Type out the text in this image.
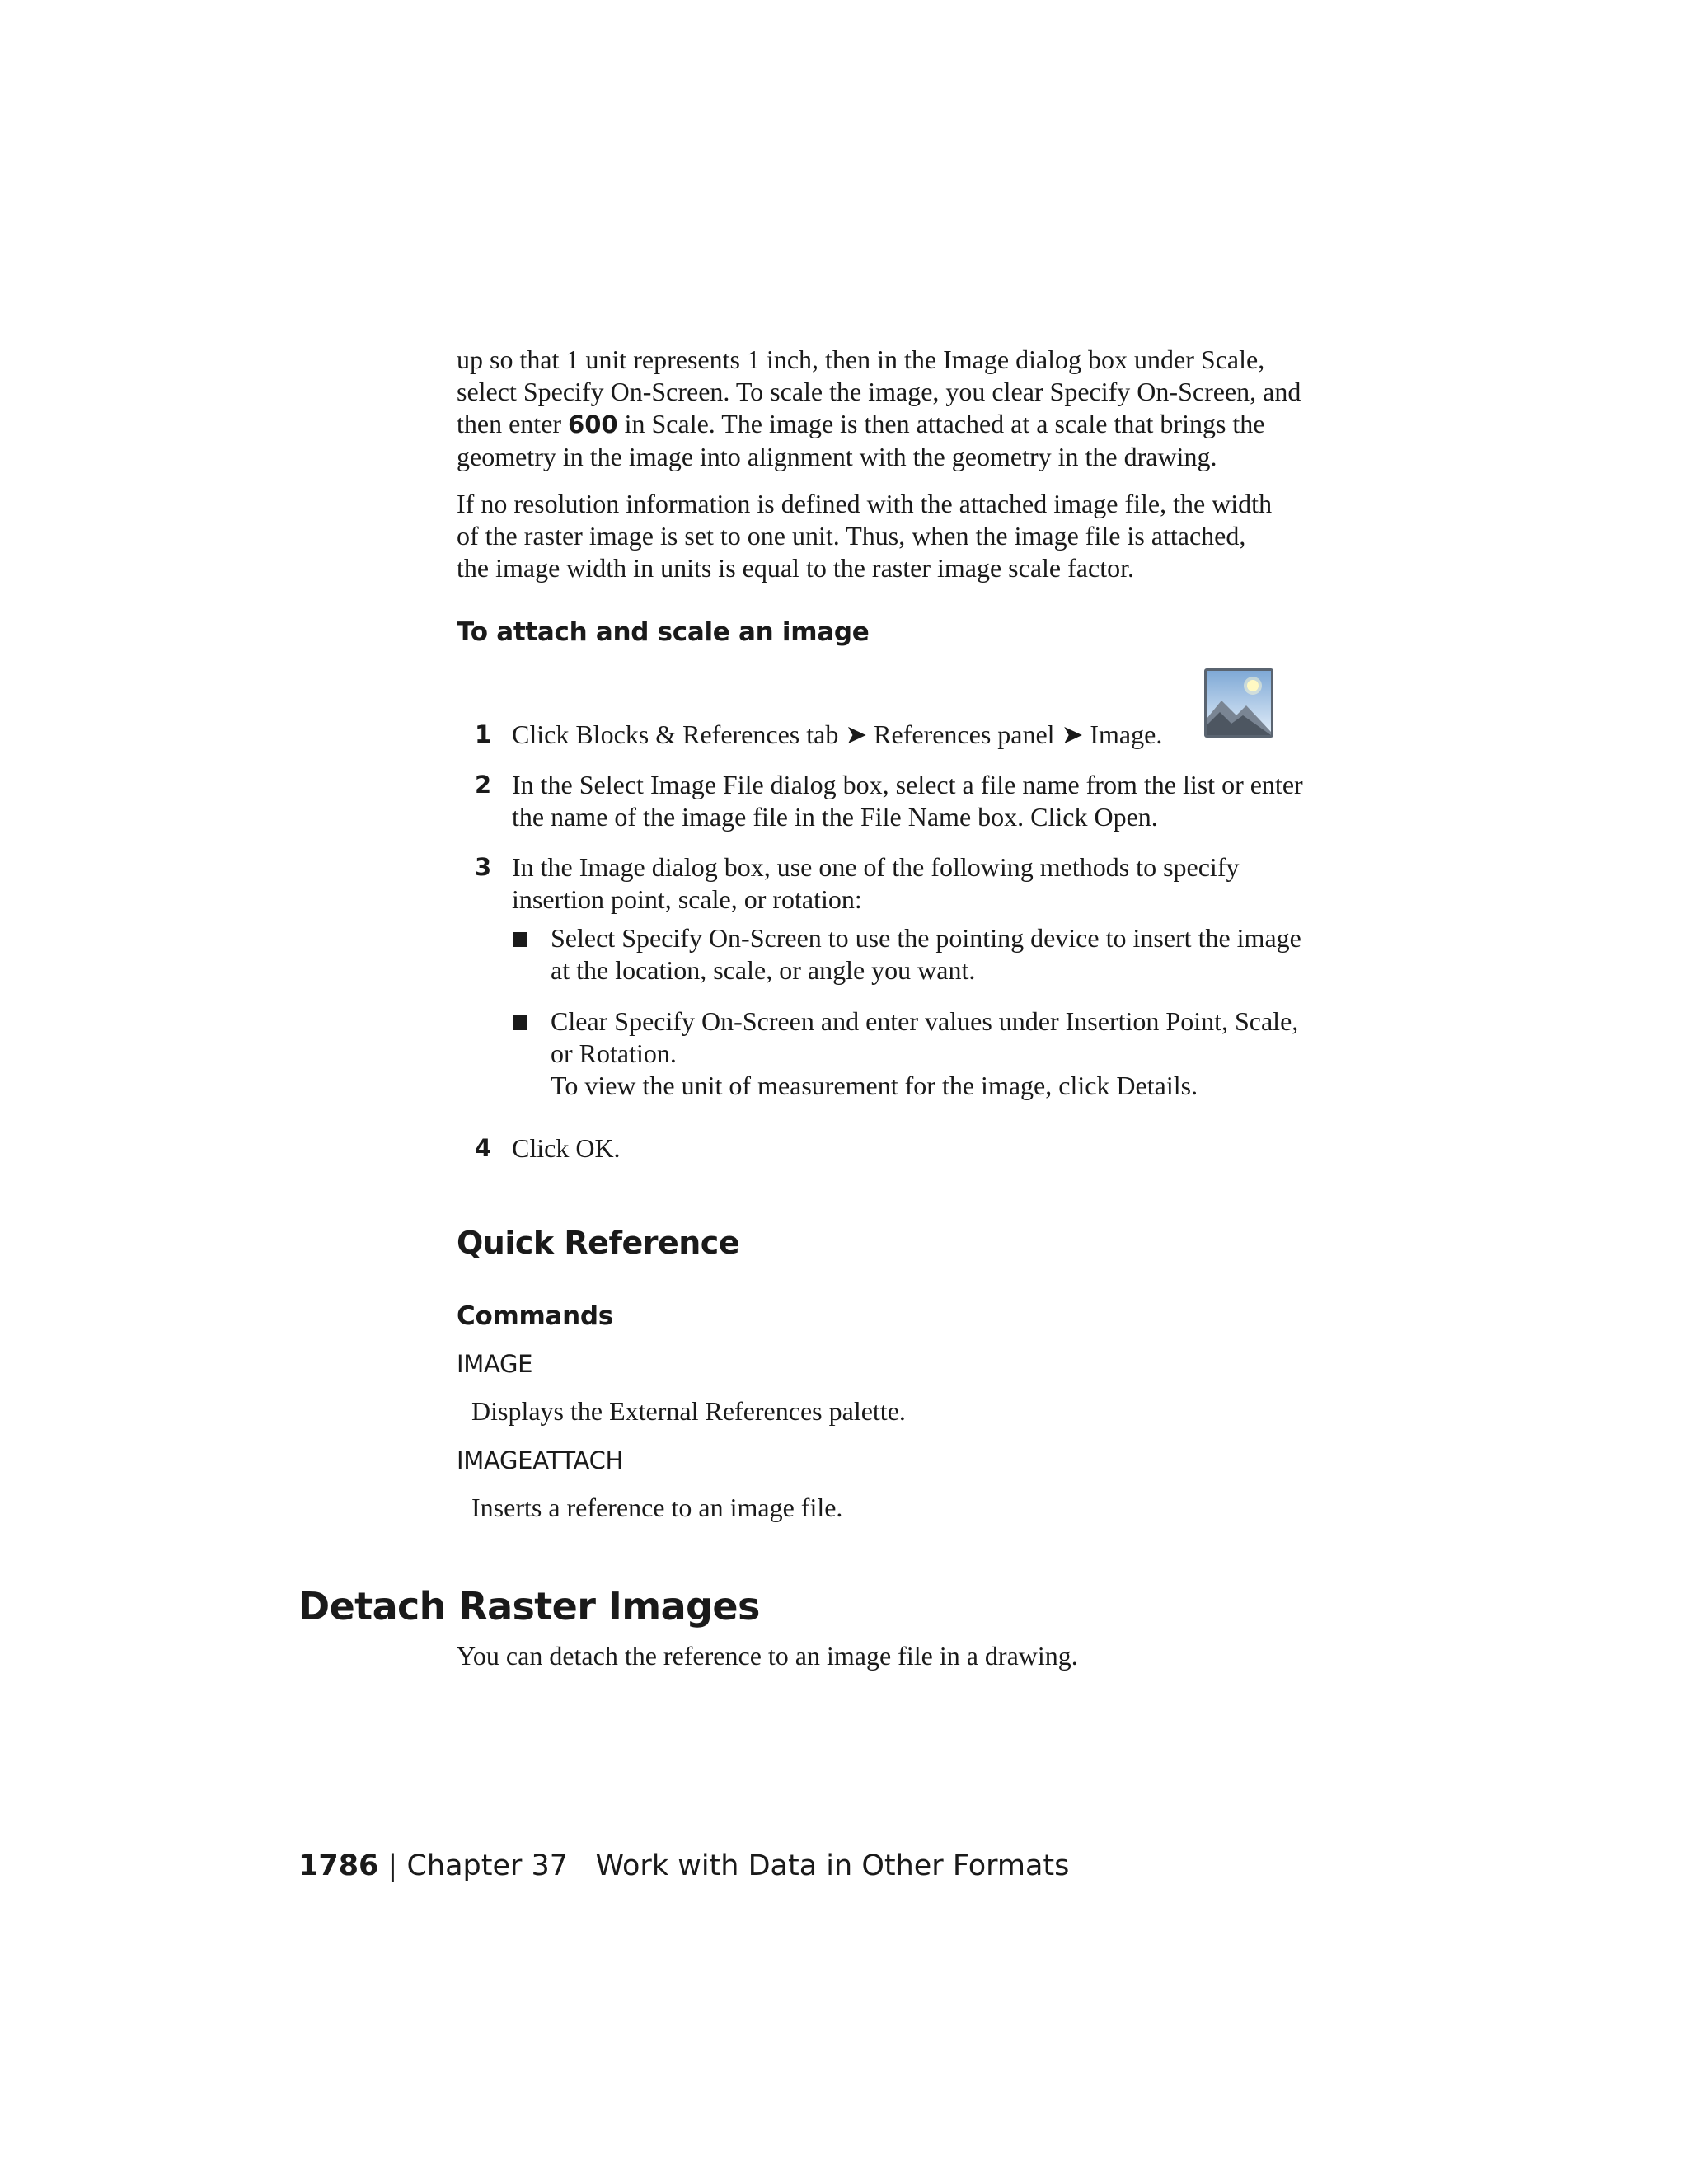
up so that 1 unit represents 1 inch, then in the Image dialog box under Scale,
select Specify On-Screen. To scale the image, you clear Specify On-Screen, and
then enter 600 in Scale. The image is then attached at a scale that brings the
geometry in the image into alignment with the geometry in the drawing.
If no resolution information is defined with the attached image file, the width
of the raster image is set to one unit. Thus, when the image file is attached,
the image width in units is equal to the raster image scale factor.
To attach and scale an image
1 Click Blocks & References tab ➤ References panel ➤ Image.
2 In the Select Image File dialog box, select a file name from the list or enter
the name of the image file in the File Name box. Click Open.
3 In the Image dialog box, use one of the following methods to specify
insertion point, scale, or rotation:
Select Specify On-Screen to use the pointing device to insert the image
at the location, scale, or angle you want.
Clear Specify On-Screen and enter values under Insertion Point, Scale,
or Rotation.
To view the unit of measurement for the image, click Details.
4 Click OK.
Quick Reference
Commands
IMAGE
Displays the External References palette.
IMAGEATTACH
Inserts a reference to an image file.
Detach Raster Images
You can detach the reference to an image file in a drawing.
1786 | Chapter 37 Work with Data in Other Formats
